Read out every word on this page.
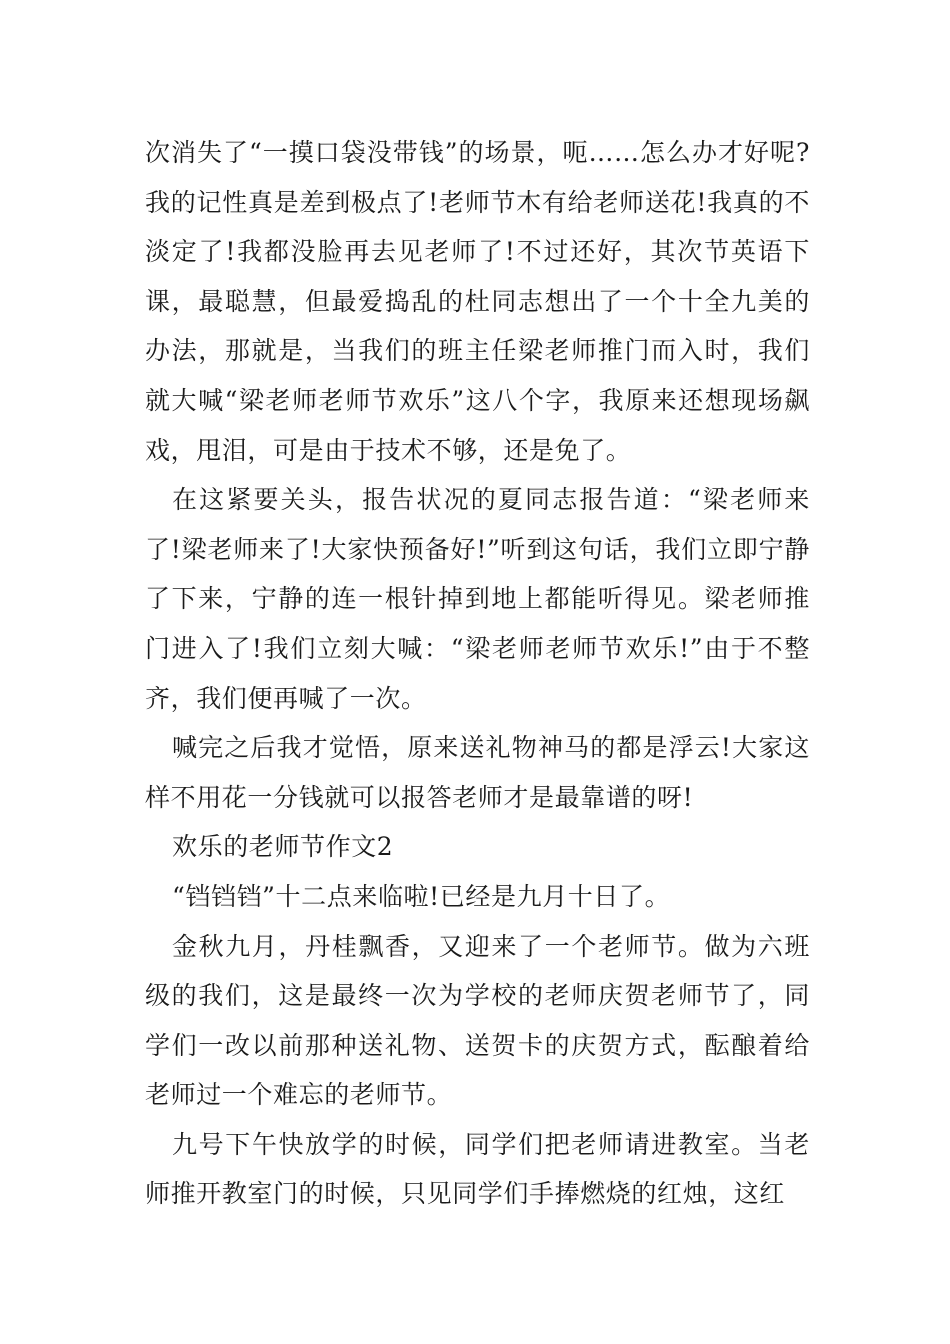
次消失了“一摸口袋没带钱”的场景，呃……怎么办才好呢?我的记性真是差到极点了!老师节木有给老师送花!我真的不淡定了!我都没脸再去见老师了!不过还好，其次节英语下课，最聪慧，但最爱捣乱的杜同志想出了一个十全九美的办法，那就是，当我们的班主任梁老师推门而入时，我们就大喊“梁老师老师节欢乐”这八个字，我原来还想现场飙戏，甩泪，可是由于技术不够，还是免了。

在这紧要关头，报告状况的夏同志报告道：“梁老师来了!梁老师来了!大家快预备好!”听到这句话，我们立即宁静了下来，宁静的连一根针掉到地上都能听得见。梁老师推门进入了!我们立刻大喊：“梁老师老师节欢乐!”由于不整齐，我们便再喊了一次。

喊完之后我才觉悟，原来送礼物神马的都是浮云!大家这样不用花一分钱就可以报答老师才是最靠谱的呀!

欢乐的老师节作文2

“铛铛铛”十二点来临啦!已经是九月十日了。

金秋九月，丹桂飘香，又迎来了一个老师节。做为六班级的我们，这是最终一次为学校的老师庆贺老师节了，同学们一改以前那种送礼物、送贺卡的庆贺方式，酝酿着给老师过一个难忘的老师节。

九号下午快放学的时候，同学们把老师请进教室。当老师推开教室门的时候，只见同学们手捧燃烧的红烛，这红
